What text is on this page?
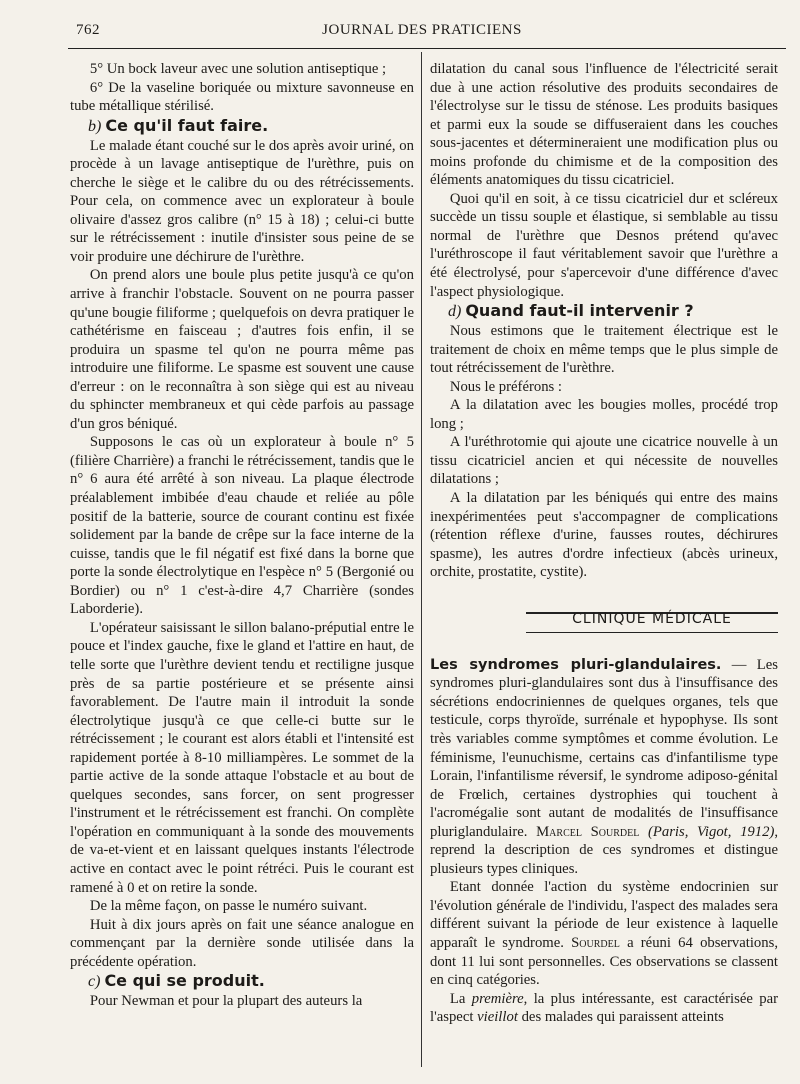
762	JOURNAL DES PRATICIENS

5° Un bock laveur avec une solution antiseptique ;

6° De la vaseline boriquée ou mixture savonneuse en tube métallique stérilisé.

b) Ce qu'il faut faire.

Le malade étant couché sur le dos après avoir uriné, on procède à un lavage antiseptique de l'urèthre, puis on cherche le siège et le calibre du ou des rétrécissements. Pour cela, on commence avec un explorateur à boule olivaire d'assez gros calibre (n° 15 à 18) ; celui-ci butte sur le rétrécissement : inutile d'insister sous peine de se voir produire une déchirure de l'urèthre.

On prend alors une boule plus petite jusqu'à ce qu'on arrive à franchir l'obstacle. Souvent on ne pourra passer qu'une bougie filiforme ; quelquefois on devra pratiquer le cathétérisme en faisceau ; d'autres fois enfin, il se produira un spasme tel qu'on ne pourra même pas introduire une filiforme. Le spasme est souvent une cause d'erreur : on le reconnaîtra à son siège qui est au niveau du sphincter membraneux et qui cède parfois au passage d'un gros béniqué.

Supposons le cas où un explorateur à boule n° 5 (filière Charrière) a franchi le rétrécissement, tandis que le n° 6 aura été arrêté à son niveau. La plaque électrode préalablement imbibée d'eau chaude et reliée au pôle positif de la batterie, source de courant continu est fixée solidement par la bande de crêpe sur la face interne de la cuisse, tandis que le fil négatif est fixé dans la borne que porte la sonde électrolytique en l'espèce n° 5 (Bergonié ou Bordier) ou n° 1 c'est-à-dire 4,7 Charrière (sondes Laborderie).

L'opérateur saisissant le sillon balano-préputial entre le pouce et l'index gauche, fixe le gland et l'attire en haut, de telle sorte que l'urèthre devient tendu et rectiligne jusque près de sa partie postérieure et se présente ainsi favorablement. De l'autre main il introduit la sonde électrolytique jusqu'à ce que celle-ci butte sur le rétrécissement ; le courant est alors établi et l'intensité est rapidement portée à 8-10 milliampères. Le sommet de la partie active de la sonde attaque l'obstacle et au bout de quelques secondes, sans forcer, on sent progresser l'instrument et le rétrécissement est franchi. On complète l'opération en communiquant à la sonde des mouvements de va-et-vient et en laissant quelques instants l'électrode active en contact avec le point rétréci. Puis le courant est ramené à 0 et on retire la sonde.

De la même façon, on passe le numéro suivant.

Huit à dix jours après on fait une séance analogue en commençant par la dernière sonde utilisée dans la précédente opération.

c) Ce qui se produit.

Pour Newman et pour la plupart des auteurs la

dilatation du canal sous l'influence de l'électricité serait due à une action résolutive des produits secondaires de l'électrolyse sur le tissu de sténose. Les produits basiques et parmi eux la soude se diffuseraient dans les couches sous-jacentes et détermineraient une modification plus ou moins profonde du chimisme et de la composition des éléments anatomiques du tissu cicatriciel.

Quoi qu'il en soit, à ce tissu cicatriciel dur et scléreux succède un tissu souple et élastique, si semblable au tissu normal de l'urèthre que Desnos prétend qu'avec l'uréthroscope il faut véritablement savoir que l'urèthre a été électrolysé, pour s'apercevoir d'une différence d'avec l'aspect physiologique.

d) Quand faut-il intervenir ?

Nous estimons que le traitement électrique est le traitement de choix en même temps que le plus simple de tout rétrécissement de l'urèthre.

Nous le préférons :

A la dilatation avec les bougies molles, procédé trop long ;

A l'uréthrotomie qui ajoute une cicatrice nouvelle à un tissu cicatriciel ancien et qui nécessite de nouvelles dilatations ;

A la dilatation par les béniqués qui entre des mains inexpérimentées peut s'accompagner de complications (rétention réflexe d'urine, fausses routes, déchirures spasme), les autres d'ordre infectieux (abcès urineux, orchite, prostatite, cystite).

CLINIQUE MÉDICALE

Les syndromes pluri-glandulaires. — Les syndromes pluri-glandulaires sont dus à l'insuffisance des sécrétions endocriniennes de quelques organes, tels que testicule, corps thyroïde, surrénale et hypophyse. Ils sont très variables comme symptômes et comme évolution. Le féminisme, l'eunuchisme, certains cas d'infantilisme type Lorain, l'infantilisme réversif, le syndrome adiposo-génital de Frœlich, certaines dystrophies qui touchent à l'acromégalie sont autant de modalités de l'insuffisance pluriglandulaire. Marcel Sourdel (Paris, Vigot, 1912), reprend la description de ces syndromes et distingue plusieurs types cliniques.

Etant donnée l'action du système endocrinien sur l'évolution générale de l'individu, l'aspect des malades sera différent suivant la période de leur existence à laquelle apparaît le syndrome. Sourdel a réuni 64 observations, dont 11 lui sont personnelles. Ces observations se classent en cinq catégories.

La première, la plus intéressante, est caractérisée par l'aspect vieillot des malades qui paraissent atteints
